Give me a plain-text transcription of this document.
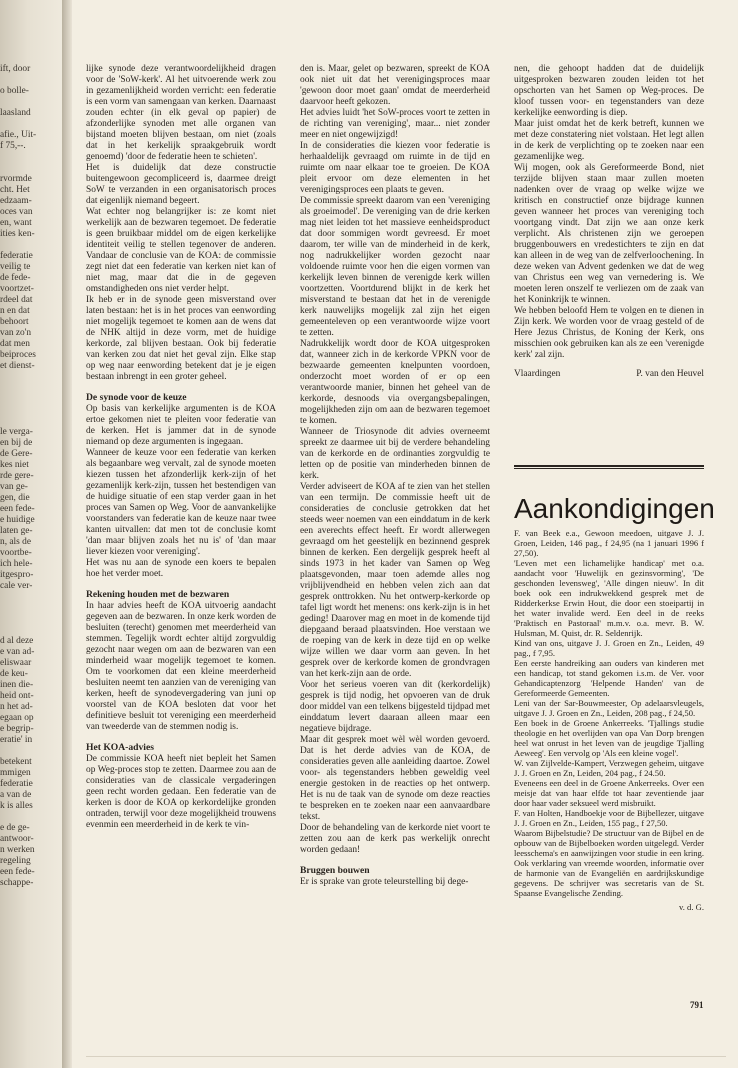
ift, door
o bolle-
laasland
afie., Uit-
f 75,--.
rvormde
cht. Het
edzaam-
oces van
en, want
ities ken-
federatie
veilig te
de fede-
voortzet-
rdeel dat
n en dat
behoort
van zo'n
dat men
beiproces
et dienst-
le verga-
en bij de
de Gere-
kes niet
rde gere-
van ge-
gen, die
een fede-
e huidige
laten ge-
n, als de
voortbe-
ich hele-
itgespro-
cale ver-
d al deze
e van ad-
eliswaar
de keu-
inen die-
heid ont-
n het ad-
egaan op
e begrip-
eratie' in
betekent
mmigen
federatie
a van de
k is alles
e de ge-
antwoor-
n werken
regeling
een fede-
schappe-

lijke synode deze verantwoordelijkheid dragen voor de 'SoW-kerk'. Al het uitvoerende werk zou in gezamenlijkheid worden verricht: een federatie is een vorm van samengaan van kerken. Daarnaast zouden echter (in elk geval op papier) de afzonderlijke synoden met alle organen van bijstand moeten blijven bestaan, om niet (zoals dat in het kerkelijk spraakgebruik wordt genoemd) 'door de federatie heen te schieten'.

Het is duidelijk dat deze constructie buitengewoon gecompliceerd is, daarmee dreigt SoW te verzanden in een organisatorisch proces dat eigenlijk niemand begeert.

Wat echter nog belangrijker is: ze komt niet werkelijk aan de bezwaren tegemoet. De federatie is geen bruikbaar middel om de eigen kerkelijke identiteit veilig te stellen tegenover de anderen. Vandaar de conclusie van de KOA: de commissie zegt niet dat een federatie van kerken niet kan of niet mag, maar dat die in de gegeven omstandigheden ons niet verder helpt.

Ik heb er in de synode geen misverstand over laten bestaan: het is in het proces van eenwording niet mogelijk tegemoet te komen aan de wens dat de NHK altijd in deze vorm, met de huidige kerkorde, zal blijven bestaan. Ook bij federatie van kerken zou dat niet het geval zijn. Elke stap op weg naar eenwording betekent dat je je eigen bestaan inbrengt in een groter geheel.

De synode voor de keuze

Op basis van kerkelijke argumenten is de KOA ertoe gekomen niet te pleiten voor federatie van de kerken. Het is jammer dat in de synode niemand op deze argumenten is ingegaan.

Wanneer de keuze voor een federatie van kerken als begaanbare weg vervalt, zal de synode moeten kiezen tussen het afzonderlijk kerk-zijn of het gezamenlijk kerk-zijn, tussen het bestendigen van de huidige situatie of een stap verder gaan in het proces van Samen op Weg. Voor de aanvankelijke voorstanders van federatie kan de keuze naar twee kanten uitvallen: dat men tot de conclusie komt 'dan maar blijven zoals het nu is' of 'dan maar liever kiezen voor vereniging'.

Het was nu aan de synode een koers te bepalen hoe het verder moet.

Rekening houden met de bezwaren

In haar advies heeft de KOA uitvoerig aandacht gegeven aan de bezwaren. In onze kerk worden de besluiten (terecht) genomen met meerderheid van stemmen. Tegelijk wordt echter altijd zorgvuldig gezocht naar wegen om aan de bezwaren van een minderheid waar mogelijk tegemoet te komen. Om te voorkomen dat een kleine meerderheid besluiten neemt ten aanzien van de vereniging van kerken, heeft de synodevergadering van juni op voorstel van de KOA besloten dat voor het definitieve besluit tot vereniging een meerderheid van tweederde van de stemmen nodig is.

Het KOA-advies

De commissie KOA heeft niet bepleit het Samen op Weg-proces stop te zetten. Daarmee zou aan de consideraties van de classicale vergaderingen geen recht worden gedaan. Een federatie van de kerken is door de KOA op kerkordelijke gronden ontraden, terwijl voor deze mogelijkheid trouwens evenmin een meerderheid in de kerk te vin-

den is. Maar, gelet op bezwaren, spreekt de KOA ook niet uit dat het verenigingsproces maar 'gewoon door moet gaan' omdat de meerderheid daarvoor heeft gekozen.

Het advies luidt 'het SoW-proces voort te zetten in de richting van vereniging', maar... niet zonder meer en niet ongewijzigd!

In de consideraties die kiezen voor federatie is herhaaldelijk gevraagd om ruimte in de tijd en ruimte om naar elkaar toe te groeien. De KOA pleit ervoor om deze elementen in het verenigingsproces een plaats te geven.

De commissie spreekt daarom van een 'vereniging als groeimodel'. De vereniging van de drie kerken mag niet leiden tot het massieve eenheidsproduct dat door sommigen wordt gevreesd. Er moet daarom, ter wille van de minderheid in de kerk, nog nadrukkelijker worden gezocht naar voldoende ruimte voor hen die eigen vormen van kerkelijk leven binnen de verenigde kerk willen voortzetten. Voortdurend blijkt in de kerk het misverstand te bestaan dat het in de verenigde kerk nauwelijks mogelijk zal zijn het eigen gemeenteleven op een verantwoorde wijze voort te zetten.

Nadrukkelijk wordt door de KOA uitgesproken dat, wanneer zich in de kerkorde VPKN voor de bezwaarde gemeenten knelpunten voordoen, onderzocht moet worden of er op een verantwoorde manier, binnen het geheel van de kerkorde, desnoods via overgangsbepalingen, mogelijkheden zijn om aan de bezwaren tegemoet te komen.

Wanneer de Triosynode dit advies overneemt spreekt ze daarmee uit bij de verdere behandeling van de kerkorde en de ordinanties zorgvuldig te letten op de positie van minderheden binnen de kerk.

Verder adviseert de KOA af te zien van het stellen van een termijn. De commissie heeft uit de consideraties de conclusie getrokken dat het steeds weer noemen van een einddatum in de kerk een averechts effect heeft. Er wordt allerwegen gevraagd om het geestelijk en bezinnend gesprek binnen de kerken. Een dergelijk gesprek heeft al sinds 1973 in het kader van Samen op Weg plaatsgevonden, maar toen ademde alles nog vrijblijvendheid en hebben velen zich aan dat gesprek onttrokken. Nu het ontwerp-kerkorde op tafel ligt wordt het menens: ons kerk-zijn is in het geding! Daarover mag en moet in de komende tijd diepgaand beraad plaatsvinden. Hoe verstaan we de roeping van de kerk in deze tijd en op welke wijze willen we daar vorm aan geven. In het gesprek over de kerkorde komen de grondvragen van het kerk-zijn aan de orde.

Voor het serieus voeren van dit (kerkordelijk) gesprek is tijd nodig, het opvoeren van de druk door middel van een telkens bijgesteld tijdpad met einddatum levert daaraan alleen maar een negatieve bijdrage.

Maar dit gesprek moet wèl wèl worden gevoerd. Dat is het derde advies van de KOA, de consideraties geven alle aanleiding daartoe. Zowel voor- als tegenstanders hebben geweldig veel energie gestoken in de reacties op het ontwerp. Het is nu de taak van de synode om deze reacties te bespreken en te zoeken naar een aanvaardbare tekst.

Door de behandeling van de kerkorde niet voort te zetten zou aan de kerk pas werkelijk onrecht worden gedaan!

Bruggen bouwen

Er is sprake van grote teleurstelling bij dege-

nen, die gehoopt hadden dat de duidelijk uitgesproken bezwaren zouden leiden tot het opschorten van het Samen op Weg-proces. De kloof tussen voor- en tegenstanders van deze kerkelijke eenwording is diep.

Maar juist omdat het de kerk betreft, kunnen we met deze constatering niet volstaan. Het legt allen in de kerk de verplichting op te zoeken naar een gezamenlijke weg.

Wij mogen, ook als Gereformeerde Bond, niet terzijde blijven staan maar zullen moeten nadenken over de vraag op welke wijze we kritisch en constructief onze bijdrage kunnen geven wanneer het proces van vereniging toch voortgang vindt. Dat zijn we aan onze kerk verplicht. Als christenen zijn we geroepen bruggenbouwers en vredestichters te zijn en dat kan alleen in de weg van de zelfverloochening. In deze weken van Advent gedenken we dat de weg van Christus een weg van vernedering is. We moeten leren onszelf te verliezen om de zaak van het Koninkrijk te winnen.

We hebben beloofd Hem te volgen en te dienen in Zijn kerk. We worden voor de vraag gesteld of de Here Jezus Christus, de Koning der Kerk, ons misschien ook gebruiken kan als ze een 'verenigde kerk' zal zijn.

Vlaardingen	P. van den Heuvel
Aankondigingen

F. van Beek e.a., Gewoon meedoen, uitgave J. J. Groen, Leiden, 146 pag., f 24,95 (na 1 januari 1996 f 27,50).

'Leven met een lichamelijke handicap' met o.a. aandacht voor 'Huwelijk en gezinsvorming', 'De geschonden levensweg', 'Alle dingen nieuw'. In dit boek ook een indrukwekkend gesprek met de Ridderkerkse Erwin Hout, die door een stoeipartij in het water invalide werd. Een deel in de reeks 'Praktisch en Pastoraal' m.m.v. o.a. mevr. B. W. Hulsman, M. Quist, dr. R. Seldenrijk.

Kind van ons, uitgave J. J. Groen en Zn., Leiden, 49 pag., f 7,95.

Een eerste handreiking aan ouders van kinderen met een handicap, tot stand gekomen i.s.m. de Ver. voor Gehandicaptenzorg 'Helpende Handen' van de Gereformeerde Gemeenten.

Leni van der Sar-Bouwmeester, Op adelaarsvleugels, uitgave J. J. Groen en Zn., Leiden, 208 pag., f 24,50.

Een boek in de Groene Ankerreeks. 'Tjallings studie theologie en het overlijden van opa Van Dorp brengen heel wat onrust in het leven van de jeugdige Tjalling Aeweeg'. Een vervolg op 'Als een kleine vogel'.

W. van Zijlvelde-Kampert, Verzwegen geheim, uitgave J. J. Groen en Zn, Leiden, 204 pag., f 24.50.

Eveneens een deel in de Groene Ankerreeks. Over een meisje dat van haar elfde tot haar zeventiende jaar door haar vader seksueel werd misbruikt.

F. van Holten, Handboekje voor de Bijbellezer, uitgave J. J. Groen en Zn., Leiden, 155 pag., f 27,50.

Waarom Bijbelstudie? De structuur van de Bijbel en de opbouw van de Bijbelboeken worden uitgelegd. Verder leesschema's en aanwijzingen voor studie in een kring. Ook verklaring van vreemde woorden, informatie over de harmonie van de Evangeliën en aardrijkskundige gegevens. De schrijver was secretaris van de St. Spaanse Evangelische Zending.

v. d. G.

791
